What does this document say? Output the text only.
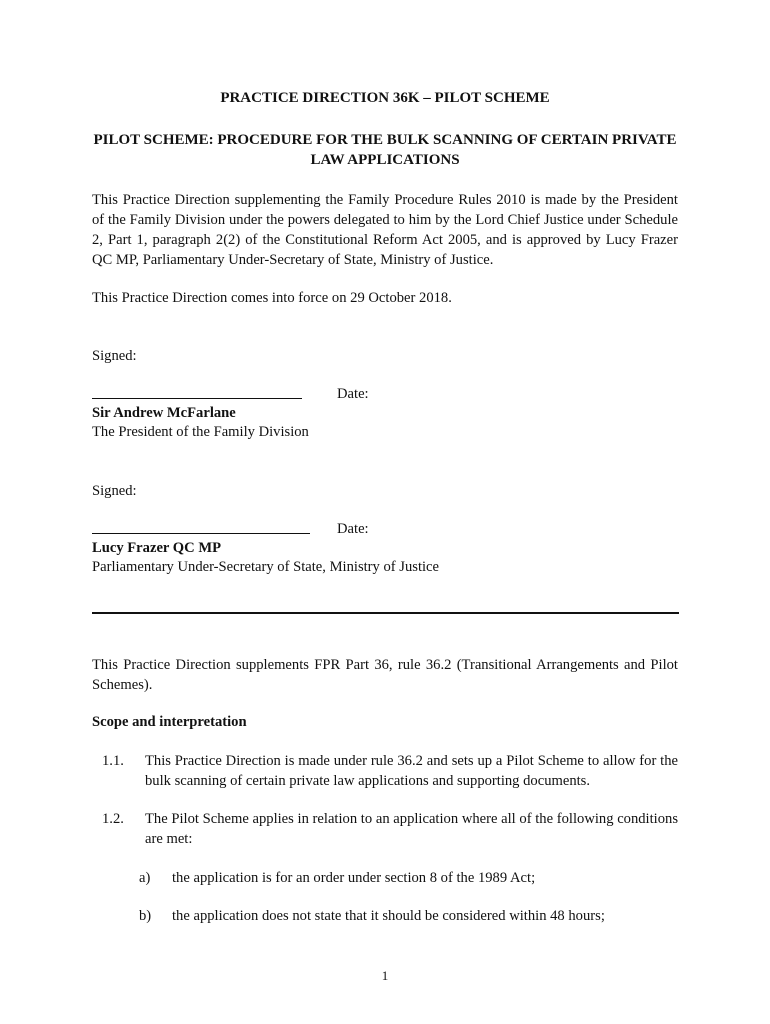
PRACTICE DIRECTION 36K – PILOT SCHEME
PILOT SCHEME: PROCEDURE FOR THE BULK SCANNING OF CERTAIN PRIVATE LAW APPLICATIONS
This Practice Direction supplementing the Family Procedure Rules 2010 is made by the President of the Family Division under the powers delegated to him by the Lord Chief Justice under Schedule 2, Part 1, paragraph 2(2) of the Constitutional Reform Act 2005, and is approved by Lucy Frazer QC MP, Parliamentary Under-Secretary of State, Ministry of Justice.
This Practice Direction comes into force on 29 October 2018.
Signed:
Date:
Sir Andrew McFarlane
The President of the Family Division
Signed:
Date:
Lucy Frazer QC MP
Parliamentary Under-Secretary of State, Ministry of Justice
This Practice Direction supplements FPR Part 36, rule 36.2 (Transitional Arrangements and Pilot Schemes).
Scope and interpretation
1.1. This Practice Direction is made under rule 36.2 and sets up a Pilot Scheme to allow for the bulk scanning of certain private law applications and supporting documents.
1.2. The Pilot Scheme applies in relation to an application where all of the following conditions are met:
a) the application is for an order under section 8 of the 1989 Act;
b) the application does not state that it should be considered within 48 hours;
1
